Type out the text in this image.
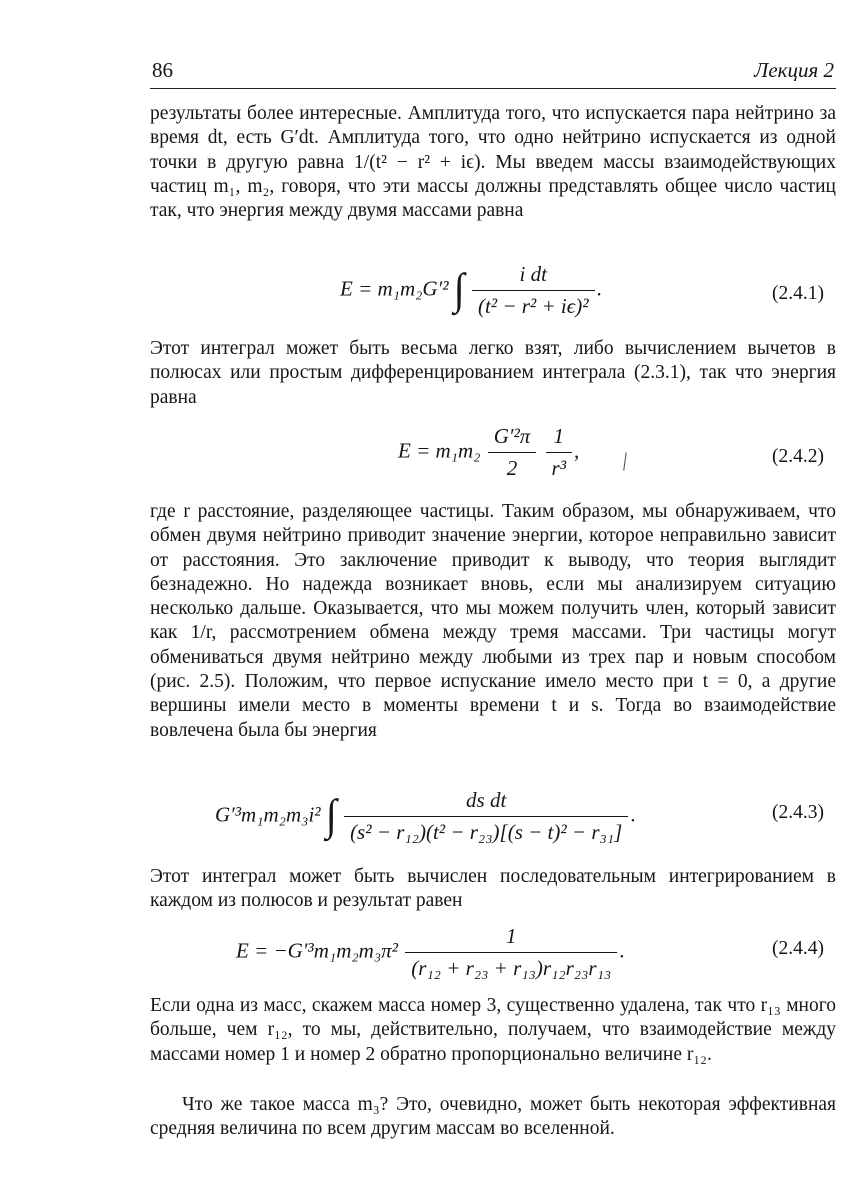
86	Лекция 2

результаты более интересные. Амплитуда того, что испускается пара нейтрино за время dt, есть G′dt. Амплитуда того, что одно нейтрино испускается из одной точки в другую равна 1/(t² − r² + iϵ). Мы введем массы взаимодействующих частиц m₁, m₂, говоря, что эти массы должны представлять общее число частиц так, что энергия между двумя массами равна

E = m₁m₂G′² ∫ $\frac{\text{i dt}}{\text{(t² − r² + iϵ)²}}$ .	(2.4.1)

Этот интеграл может быть весьма легко взят, либо вычислением вычетов в полюсах или простым дифференцированием интеграла (2.3.1), так что энергия равна

$E = m_1m_2 \frac{\text{G′²π}}{2}$
$\frac{1}{\text{r³}}$ ,	(2.4.2)
╲

где r расстояние, разделяющее частицы. Таким образом, мы обнаруживаем, что обмен двумя нейтрино приводит значение энергии, которое неправильно зависит от расстояния. Это заключение приводит к выводу, что теория выглядит безнадежно. Но надежда возникает вновь, если мы анализируем ситуацию несколько дальше. Оказывается, что мы можем получить член, который зависит как 1/r, рассмотрением обмена между тремя массами. Три частицы могут обмениваться двумя нейтрино между любыми из трех пар и новым способом (рис. 2.5). Положим, что первое испускание имело место при t = 0, а другие вершины имели место в моменты времени t и s. Тогда во взаимодействие вовлечена была бы энергия

G′³m₁m₂m₃i² ∫ $\frac{\text{ds dt}}{\text{(s² − r₁₂)(t² − r₂₃)[(s − t)² − r₃₁]}}$ .	(2.4.3)

Этот интеграл может быть вычислен последовательным интегрированием в каждом из полюсов и результат равен

$E = -G'^3m_1m_2m_3\pi^2 \frac{1}{\text{(r₁₂ + r₂₃ + r₁₃)r₁₂r₂₃r₁₃}}$ .	(2.4.4)

Если одна из масс, скажем масса номер 3, существенно удалена, так что r₁₃ много больше, чем r₁₂, то мы, действительно, получаем, что взаимодействие между массами номер 1 и номер 2 обратно пропорционально величине r₁₂.

Что же такое масса m₃? Это, очевидно, может быть некоторая эффективная средняя величина по всем другим массам во вселенной.
